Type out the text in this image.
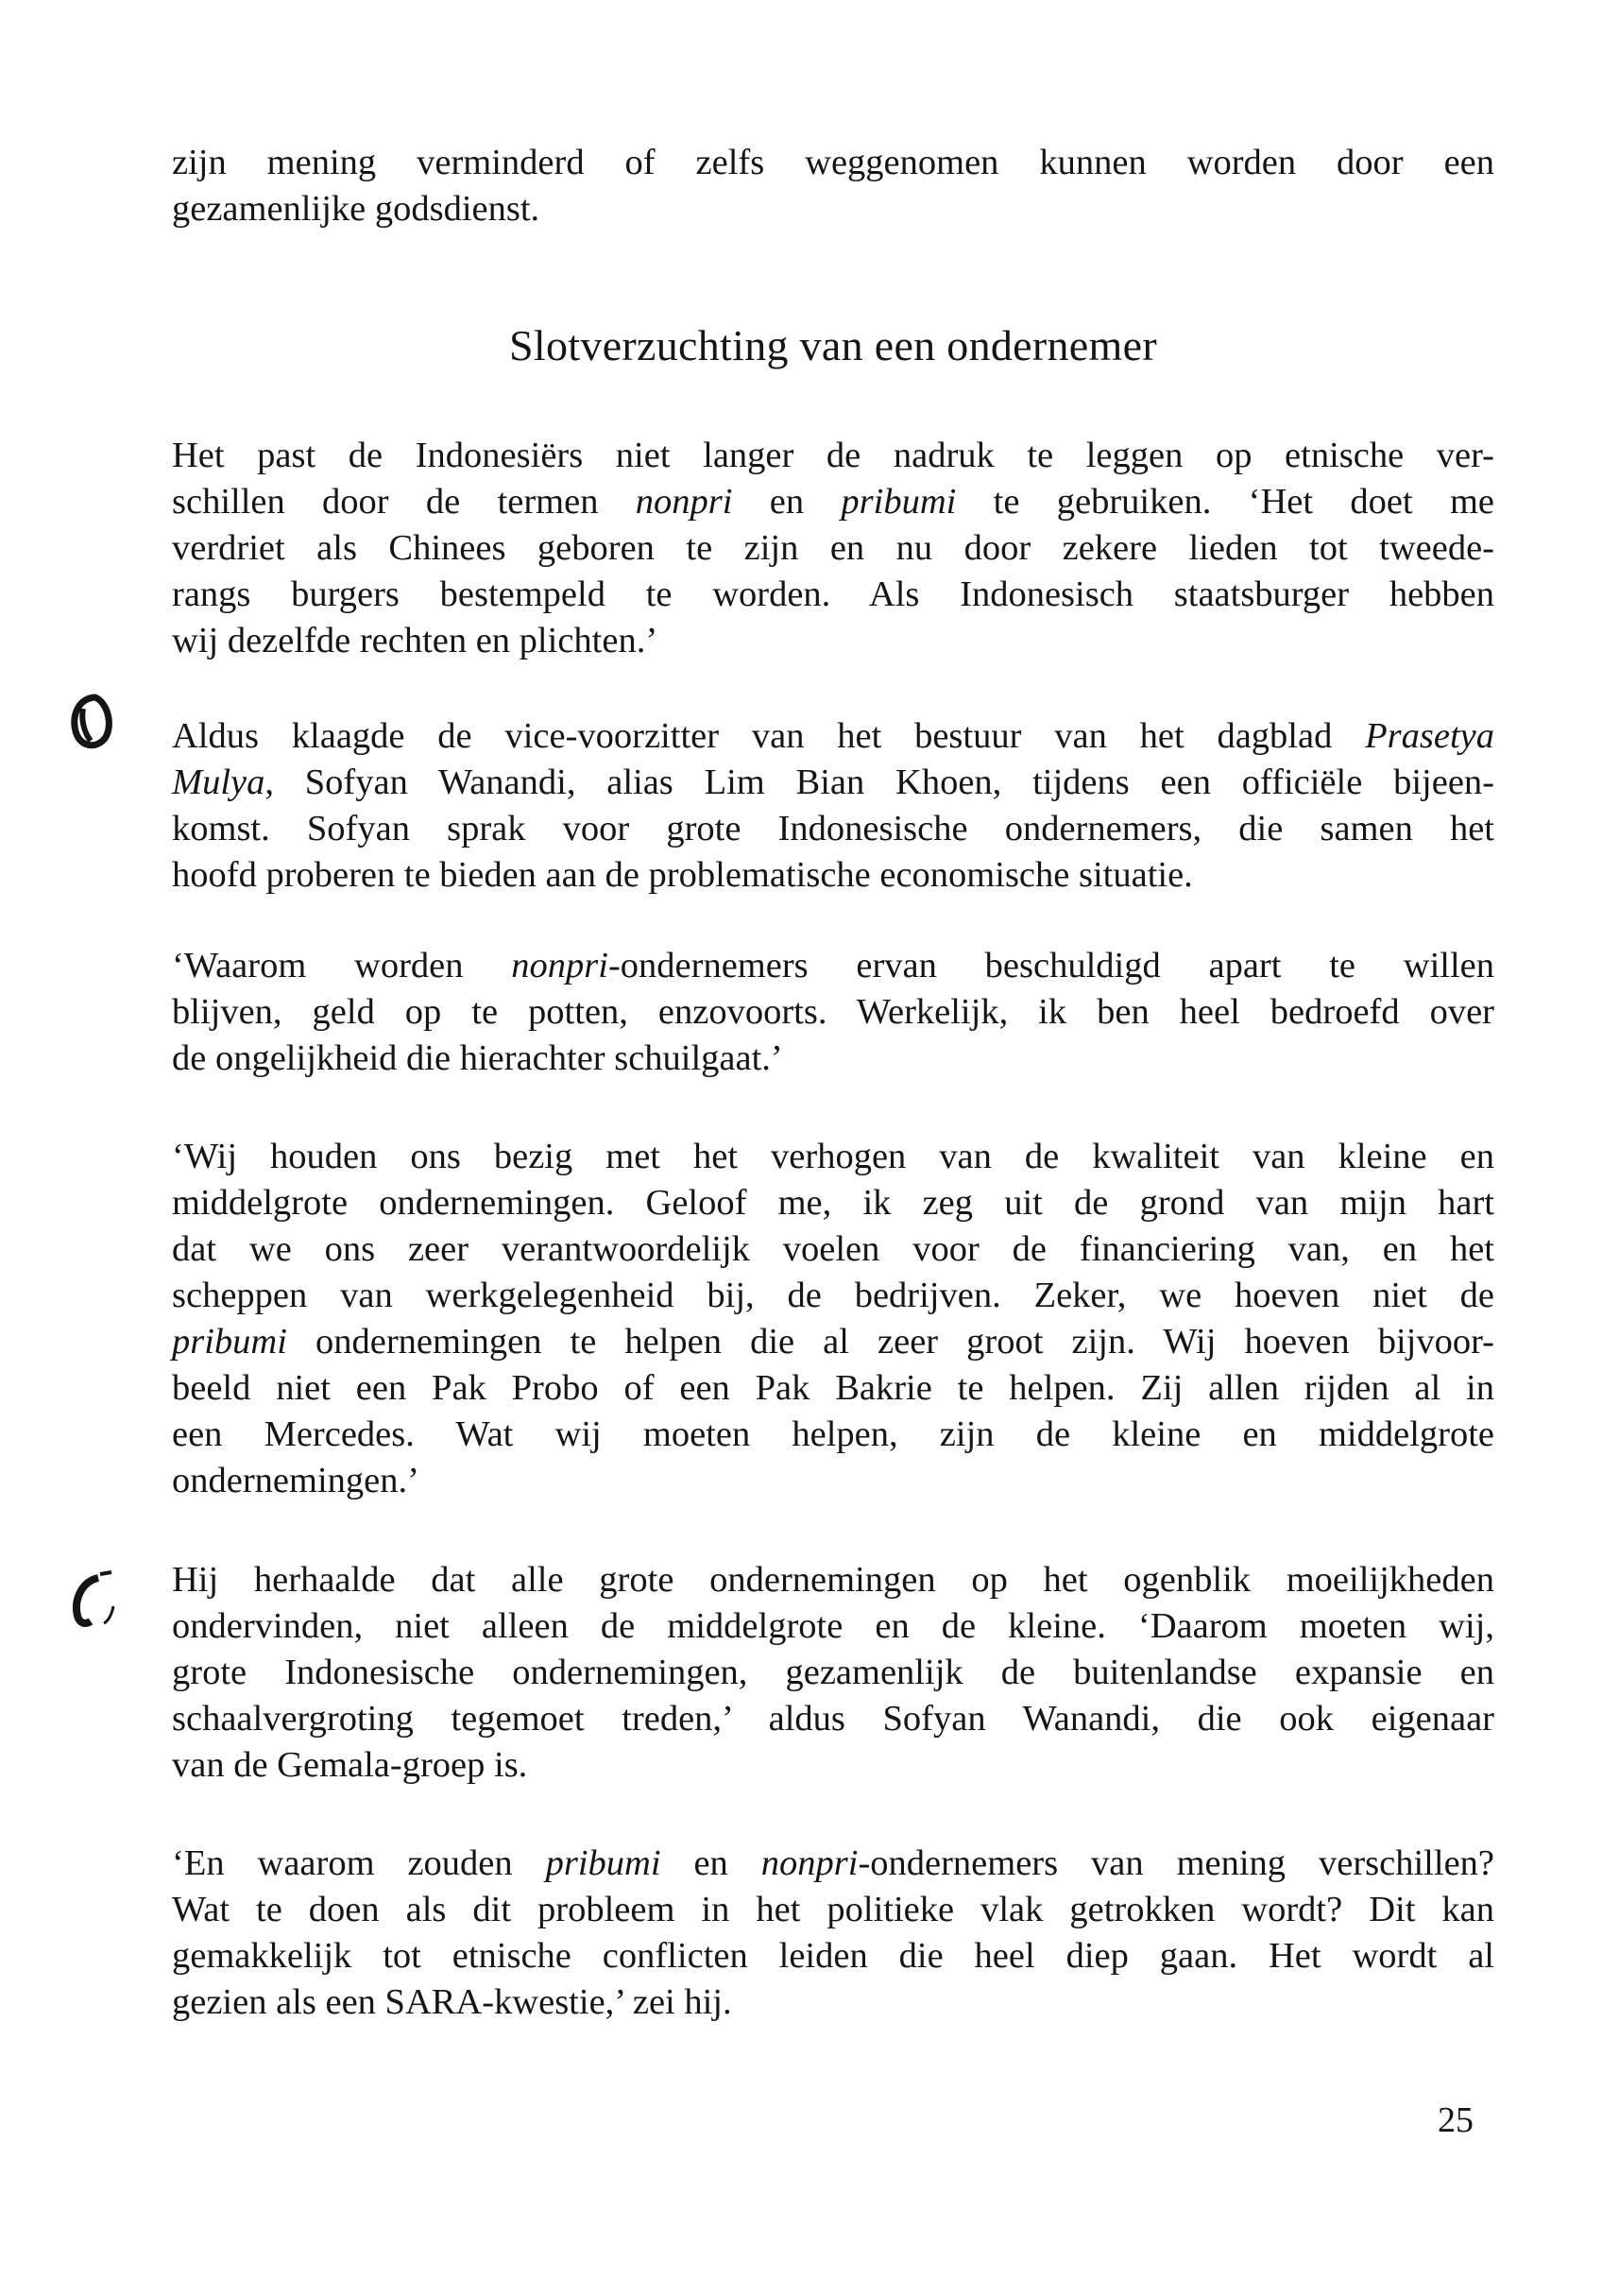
zijn mening verminderd of zelfs weggenomen kunnen worden door een
gezamenlijke godsdienst.
Slotverzuchting van een ondernemer
Het past de Indonesiërs niet langer de nadruk te leggen op etnische ver-
schillen door de termen nonpri en pribumi te gebruiken. ‘Het doet me
verdriet als Chinees geboren te zijn en nu door zekere lieden tot tweede-
rangs burgers bestempeld te worden. Als Indonesisch staatsburger hebben
wij dezelfde rechten en plichten.’
Aldus klaagde de vice-voorzitter van het bestuur van het dagblad Prasetya
Mulya, Sofyan Wanandi, alias Lim Bian Khoen, tijdens een officiële bijeen-
komst. Sofyan sprak voor grote Indonesische ondernemers, die samen het
hoofd proberen te bieden aan de problematische economische situatie.
‘Waarom worden nonpri-ondernemers ervan beschuldigd apart te willen
blijven, geld op te potten, enzovoorts. Werkelijk, ik ben heel bedroefd over
de ongelijkheid die hierachter schuilgaat.’
‘Wij houden ons bezig met het verhogen van de kwaliteit van kleine en
middelgrote ondernemingen. Geloof me, ik zeg uit de grond van mijn hart
dat we ons zeer verantwoordelijk voelen voor de financiering van, en het
scheppen van werkgelegenheid bij, de bedrijven. Zeker, we hoeven niet de
pribumi ondernemingen te helpen die al zeer groot zijn. Wij hoeven bijvoor-
beeld niet een Pak Probo of een Pak Bakrie te helpen. Zij allen rijden al in
een Mercedes. Wat wij moeten helpen, zijn de kleine en middelgrote
ondernemingen.’
Hij herhaalde dat alle grote ondernemingen op het ogenblik moeilijkheden
ondervinden, niet alleen de middelgrote en de kleine. ‘Daarom moeten wij,
grote Indonesische ondernemingen, gezamenlijk de buitenlandse expansie en
schaalvergroting tegemoet treden,’ aldus Sofyan Wanandi, die ook eigenaar
van de Gemala-groep is.
‘En waarom zouden pribumi en nonpri-ondernemers van mening verschillen?
Wat te doen als dit probleem in het politieke vlak getrokken wordt? Dit kan
gemakkelijk tot etnische conflicten leiden die heel diep gaan. Het wordt al
gezien als een SARA-kwestie,’ zei hij.
25
